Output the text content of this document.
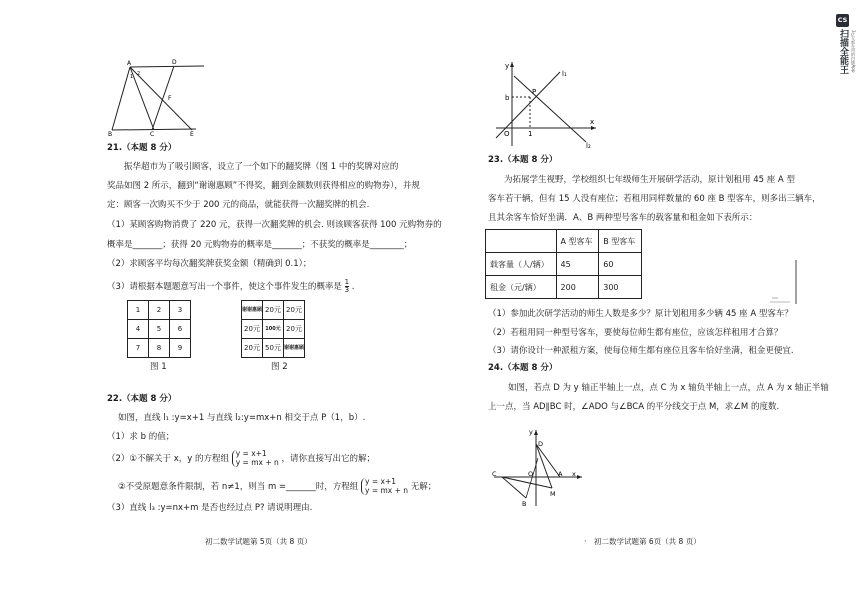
A	D
1 2
F
B	C	E
21.（本题 8 分）
振华超市为了吸引顾客，设立了一个如下的翻奖牌（图 1 中的奖牌对应的
奖品如图 2 所示，翻到“谢谢惠顾”不得奖，翻到金额数则获得相应的购物券），并规
定：顾客一次购买不少于 200 元的商品，就能获得一次翻奖牌的机会.
（1）某顾客购物消费了 220 元，获得一次翻奖牌的机会. 则该顾客获得 100 元购物券的
概率是_______；获得 20 元购物券的概率是_______；不获奖的概率是________；
（2）求顾客平均每次翻奖牌获奖金额（精确到 0.1）；
（3）请根据本题题意写出一个事件，使这个事件发生的概率是 $\frac{1}{3}$ .
1	2	3
4	5	6
7	8	9
谢谢惠顾	20元	20元
20元	100元	20元
20元	50元	谢谢惠顾
图 1	图 2
22.（本题 8 分）
如图，直线 l₁ :y=x+1 与直线 l₂:y=mx+n 相交于点 P（1，b）.
（1）求 b 的值；
（2）①不解关于 x，y 的方程组
y = x+1
y = mx + n ，请你直接写出它的解；
②不受原题意条件限制，若 n≠1，则当 m =_______时，方程组
y = x+1
y = mx + n 无解；
（3）直线 l₃ :y=nx+m 是否也经过点 P? 请说明理由.
初二数学试题第 5页（共 8 页）
y
l₁
l₂
P
b
O	1
x
23.（本题 8 分）
为拓展学生视野，学校组织七年级师生开展研学活动，原计划租用 45 座 A 型
客车若干辆，但有 15 人没有座位；若租用同样数量的 60 座 B 型客车，则多出三辆车，
且其余客车恰好坐满．A、B 两种型号客车的载客量和租金如下表所示：
	A 型客车	B 型客车
载客量（人/辆）	45	60
租金（元/辆）	200	300
（1）参加此次研学活动的师生人数是多少？原计划租用多少辆 45 座 A 型客车？
（2）若租用同一种型号客车，要使每位师生都有座位，应该怎样租用才合算？
（3）请你设计一种派租方案，使每位师生都有座位且客车恰好坐满，租金更便宜.
24.（本题 8 分）
如图，若点 D 为 y 轴正半轴上一点，点 C 为 x 轴负半轴上一点，点 A 为 x 轴正半轴
上一点，当 AD∥BC 时，∠ADO 与∠BCA 的平分线交于点 M，求∠M 的度数.
y
D
C	O	A x
M
B
· 初二数学试题第 6页（共 8 页）
CS
扫描全能王 3亿人都在用的扫描App
